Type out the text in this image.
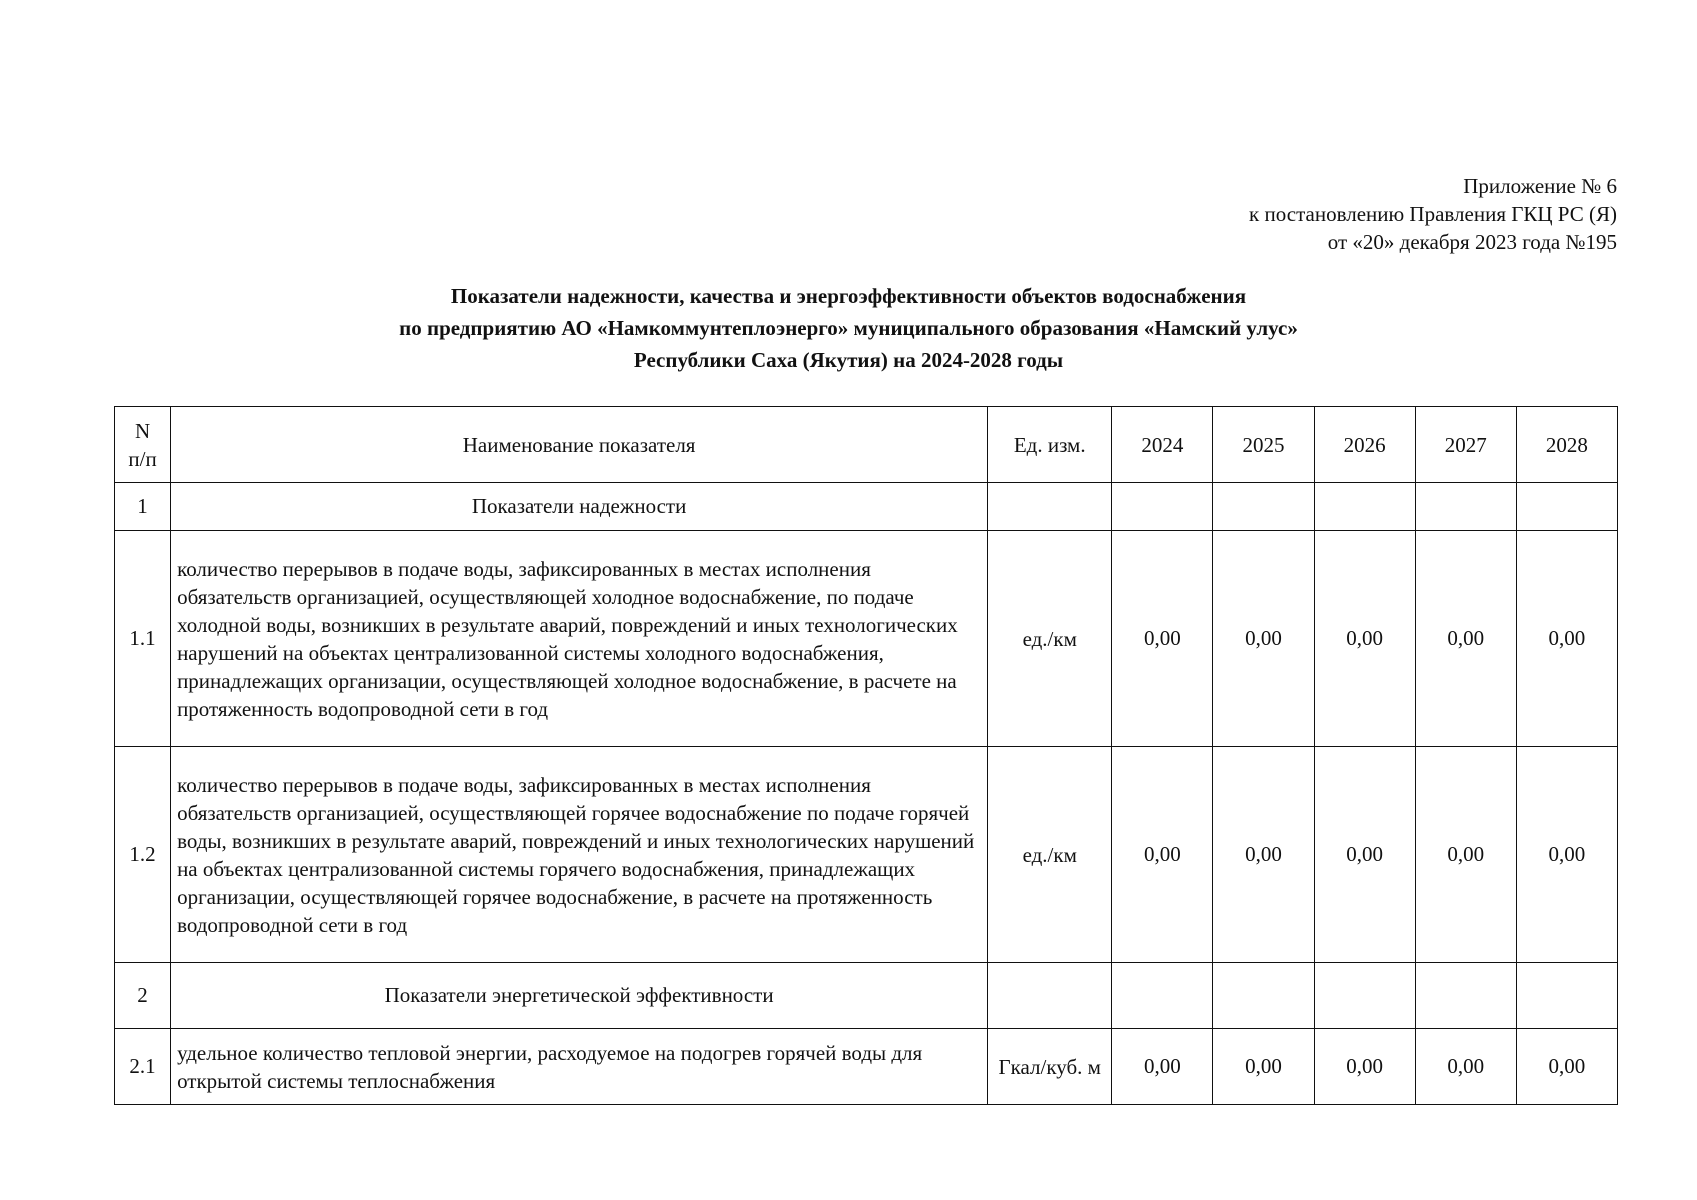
Приложение № 6
к постановлению Правления ГКЦ РС (Я)
от «20» декабря 2023 года №195
Показатели надежности, качества и энергоэффективности объектов водоснабжения
по предприятию АО «Намкоммунтеплоэнерго» муниципального образования «Намский улус»
Республики Саха (Якутия) на 2024-2028 годы
N
п/п	Наименование показателя	Ед. изм.	2024	2025	2026	2027	2028
1	Показатели надежности						
1.1	количество перерывов в подаче воды, зафиксированных в местах исполнения обязательств организацией, осуществляющей холодное водоснабжение, по подаче холодной воды, возникших в результате аварий, повреждений и иных технологических нарушений на объектах централизованной системы холодного водоснабжения, принадлежащих организации, осуществляющей холодное водоснабжение, в расчете на протяженность водопроводной сети в год	ед./км	0,00	0,00	0,00	0,00	0,00
1.2	количество перерывов в подаче воды, зафиксированных в местах исполнения обязательств организацией, осуществляющей горячее водоснабжение по подаче горячей воды, возникших в результате аварий, повреждений и иных технологических нарушений на объектах централизованной системы горячего водоснабжения, принадлежащих организации, осуществляющей горячее водоснабжение, в расчете на протяженность водопроводной сети в год	ед./км	0,00	0,00	0,00	0,00	0,00
2	Показатели энергетической эффективности						
2.1	удельное количество тепловой энергии, расходуемое на подогрев горячей воды для открытой системы теплоснабжения	Гкал/куб. м	0,00	0,00	0,00	0,00	0,00
